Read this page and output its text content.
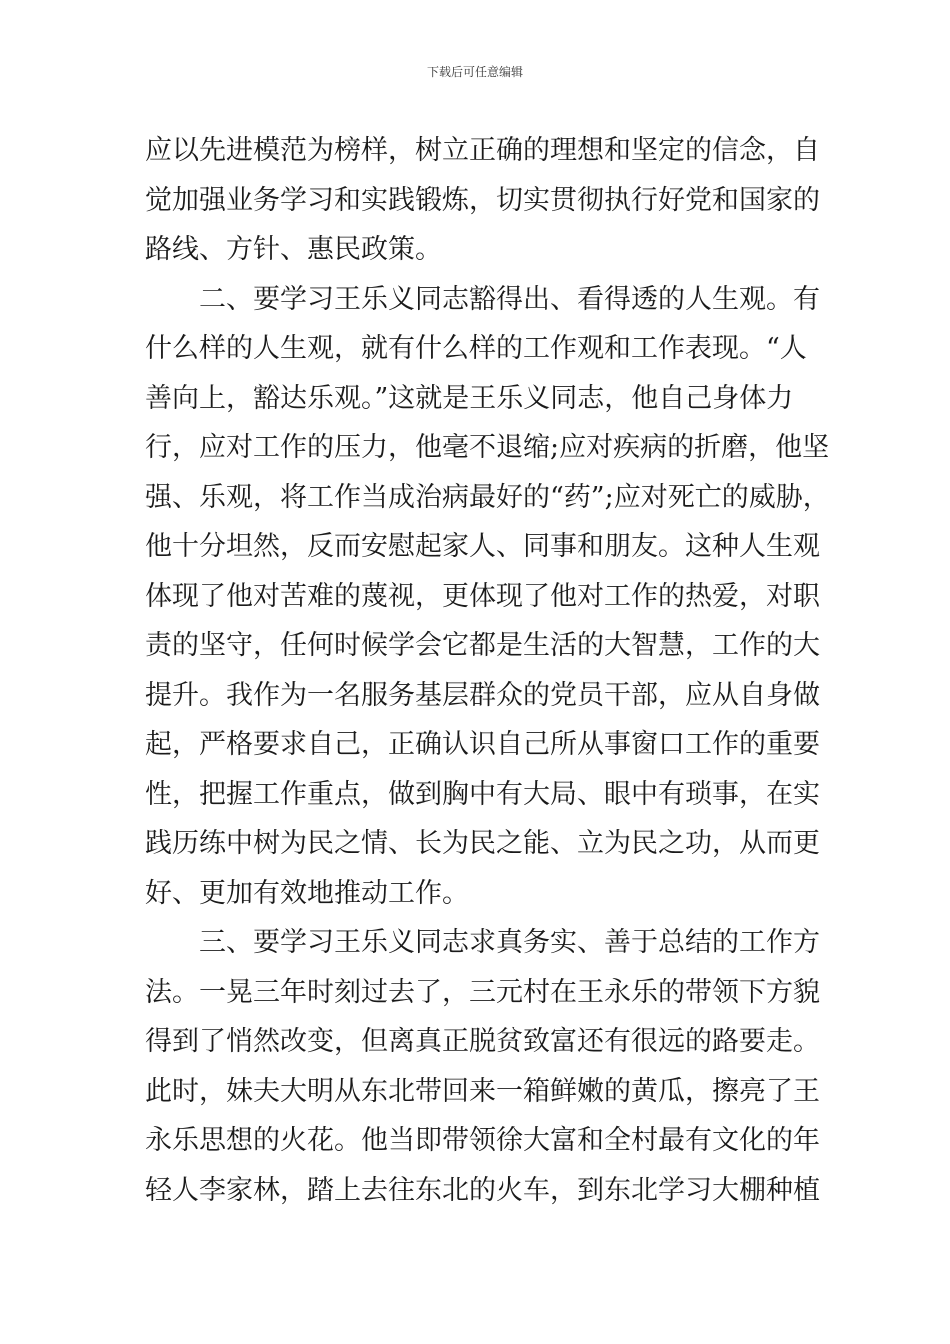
下载后可任意编辑
应以先进模范为榜样，树立正确的理想和坚定的信念，自
觉加强业务学习和实践锻炼，切实贯彻执行好党和国家的
路线、方针、惠民政策。
　　二、要学习王乐义同志豁得出、看得透的人生观。有
什么样的人生观，就有什么样的工作观和工作表现。“人
善向上，豁达乐观。”这就是王乐义同志，他自己身体力
行，应对工作的压力，他毫不退缩;应对疾病的折磨，他坚
强、乐观，将工作当成治病最好的“药”;应对死亡的威胁，
他十分坦然，反而安慰起家人、同事和朋友。这种人生观
体现了他对苦难的蔑视，更体现了他对工作的热爱，对职
责的坚守，任何时候学会它都是生活的大智慧，工作的大
提升。我作为一名服务基层群众的党员干部，应从自身做
起，严格要求自己，正确认识自己所从事窗口工作的重要
性，把握工作重点，做到胸中有大局、眼中有琐事，在实
践历练中树为民之情、长为民之能、立为民之功，从而更
好、更加有效地推动工作。
　　三、要学习王乐义同志求真务实、善于总结的工作方
法。一晃三年时刻过去了，三元村在王永乐的带领下方貌
得到了悄然改变，但离真正脱贫致富还有很远的路要走。
此时，妹夫大明从东北带回来一箱鲜嫩的黄瓜，擦亮了王
永乐思想的火花。他当即带领徐大富和全村最有文化的年
轻人李家林，踏上去往东北的火车，到东北学习大棚种植
